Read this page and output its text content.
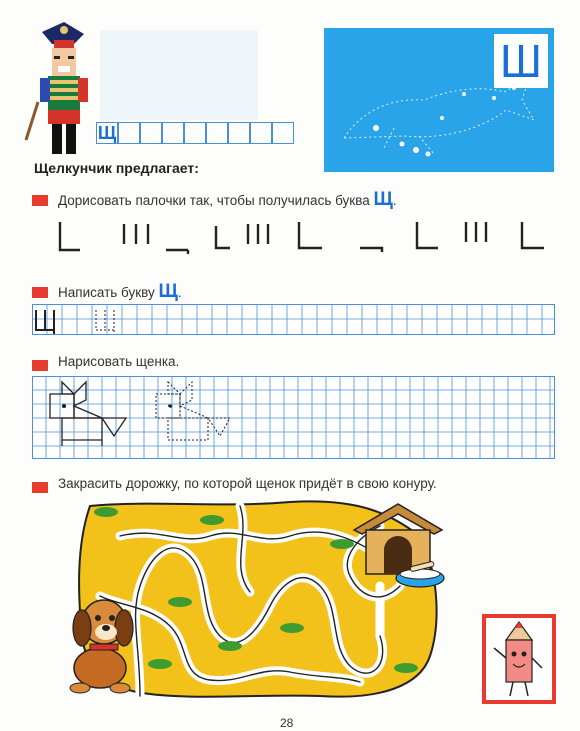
Щ
Ш
Щелкунчик предлагает:
Дорисовать палочки так, чтобы получилась буква Щ.
Написать букву Щ.
Нарисовать щенка.
Закрасить дорожку, по которой щенок придёт в свою конуру.
28
